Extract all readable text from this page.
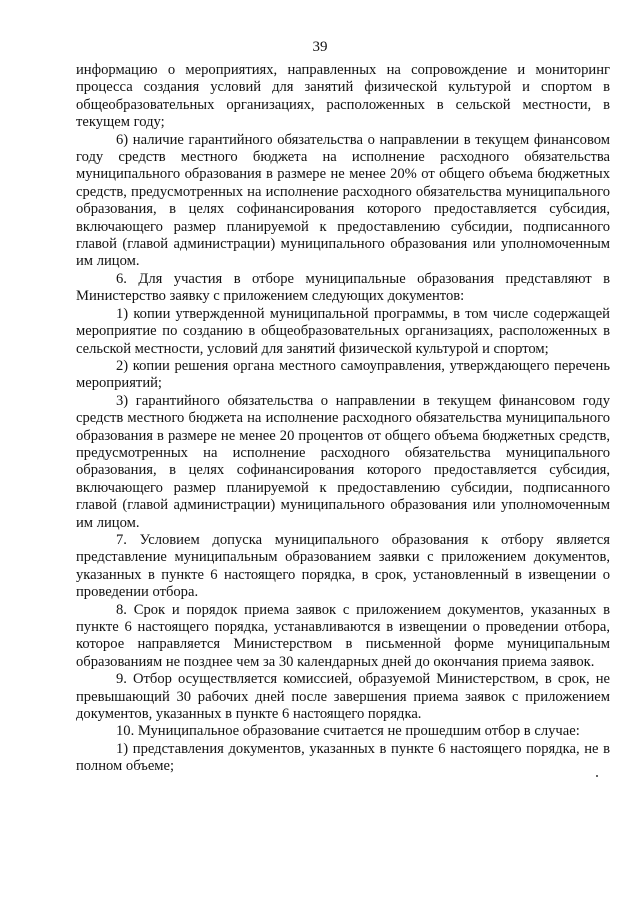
39

информацию о мероприятиях, направленных на сопровождение и мониторинг процесса создания условий для занятий физической культурой и спортом в общеобразовательных организациях, расположенных в сельской местности, в текущем году;

6) наличие гарантийного обязательства о направлении в текущем финансовом году средств местного бюджета на исполнение расходного обязательства муниципального образования в размере не менее 20% от общего объема бюджетных средств, предусмотренных на исполнение расходного обязательства муниципального образования, в целях софинансирования которого предоставляется субсидия, включающего размер планируемой к предоставлению субсидии, подписанного главой (главой администрации) муниципального образования или уполномоченным им лицом.

6. Для участия в отборе муниципальные образования представляют в Министерство заявку с приложением следующих документов:

1) копии утвержденной муниципальной программы, в том числе содержащей мероприятие по созданию в общеобразовательных организациях, расположенных в сельской местности, условий для занятий физической культурой и спортом;

2) копии решения органа местного самоуправления, утверждающего перечень мероприятий;

3) гарантийного обязательства о направлении в текущем финансовом году средств местного бюджета на исполнение расходного обязательства муниципального образования в размере не менее 20 процентов от общего объема бюджетных средств, предусмотренных на исполнение расходного обязательства муниципального образования, в целях софинансирования которого предоставляется субсидия, включающего размер планируемой к предоставлению субсидии, подписанного главой (главой администрации) муниципального образования или уполномоченным им лицом.

7. Условием допуска муниципального образования к отбору является представление муниципальным образованием заявки с приложением документов, указанных в пункте 6 настоящего порядка, в срок, установленный в извещении о проведении отбора.

8. Срок и порядок приема заявок с приложением документов, указанных в пункте 6 настоящего порядка, устанавливаются в извещении о проведении отбора, которое направляется Министерством в письменной форме муниципальным образованиям не позднее чем за 30 календарных дней до окончания приема заявок.

9. Отбор осуществляется комиссией, образуемой Министерством, в срок, не превышающий 30 рабочих дней после завершения приема заявок с приложением документов, указанных в пункте 6 настоящего порядка.

10. Муниципальное образование считается не прошедшим отбор в случае:

1) представления документов, указанных в пункте 6 настоящего порядка, не в полном объеме;
